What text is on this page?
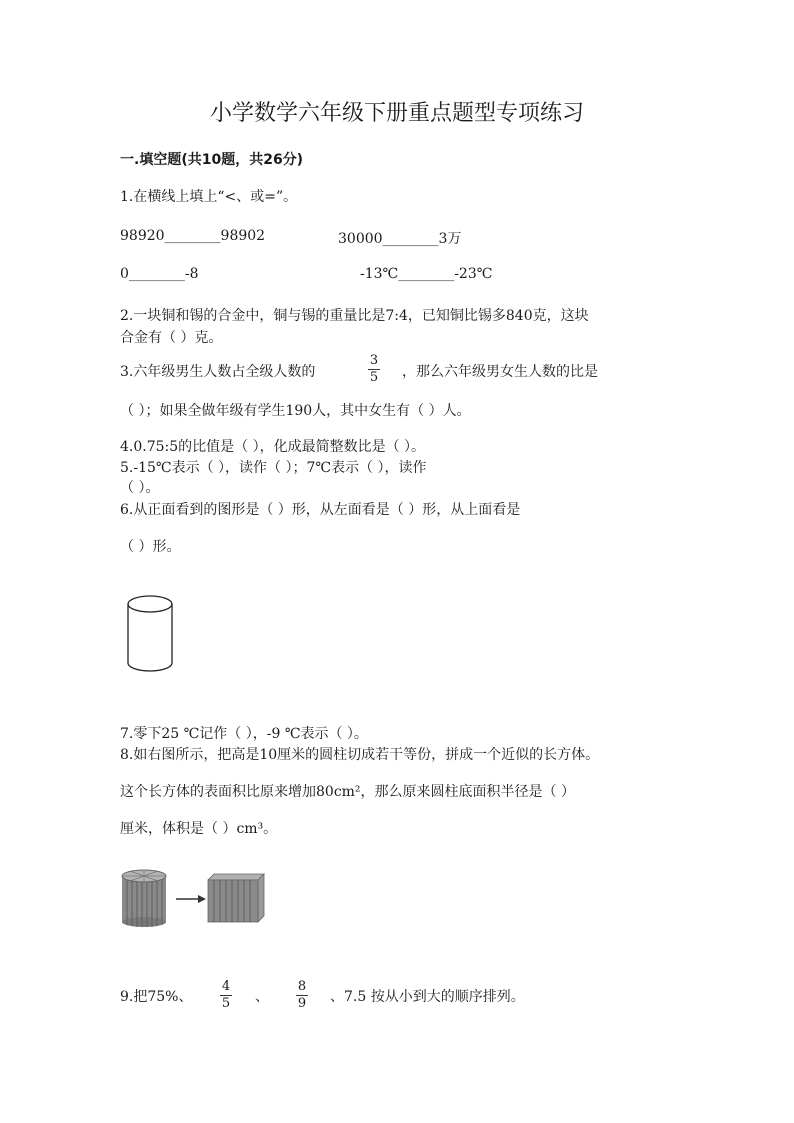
小学数学六年级下册重点题型专项练习
一.填空题(共10题，共26分)
1.在横线上填上“<、或=”。
98920________98902	30000________3万
0________-8	-13℃________-23℃
2.一块铜和锡的合金中，铜与锡的重量比是7:4，已知铜比锡多840克，这块
合金有（ ）克。
3.六年级男生人数占全级人数的
3
5 ，那么六年级男女生人数的比是
（ ）；如果全做年级有学生190人，其中女生有（ ）人。
4.0.75:5的比值是（ ），化成最简整数比是（ ）。
5.-15℃表示（ ），读作（ ）；7℃表示（ ），读作
（ ）。
6.从正面看到的图形是（ ）形，从左面看是（ ）形，从上面看是
（ ）形。
7.零下25 ℃记作（ ），-9 ℃表示（ ）。
8.如右图所示，把高是10厘米的圆柱切成若干等份，拼成一个近似的长方体。
这个长方体的表面积比原来增加80cm²，那么原来圆柱底面积半径是（ ）
厘米，体积是（ ）cm³。
9.把75%、
4
5 、
8
9 、7.5 按从小到大的顺序排列。
